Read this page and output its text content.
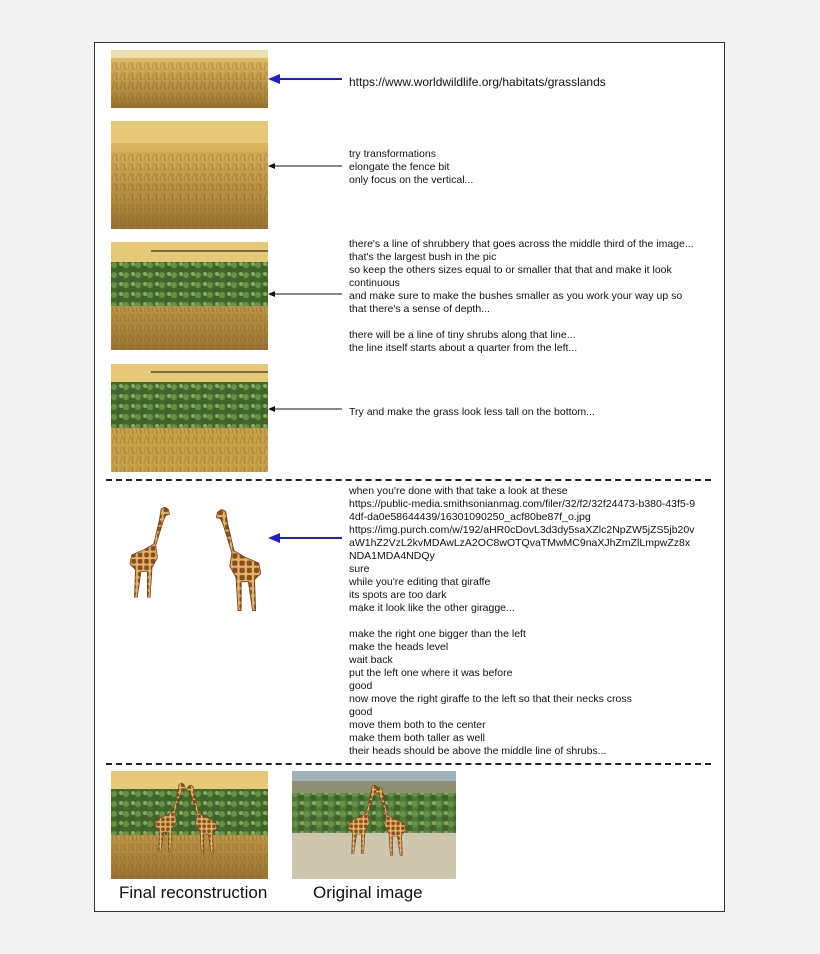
https://www.worldwildlife.org/habitats/grasslands
try transformations
elongate the fence bit
only focus on the vertical...
there's a line of shrubbery that goes across the middle third of the image...
that's the largest bush in the pic
so keep the others sizes equal to or smaller that that and make it look
continuous
and make sure to make the bushes smaller as you work your way up so
that there's a sense of depth...

there will be a line of tiny shrubs along that line...
the line itself starts about a quarter from the left...
Try and make the grass look less tall on the bottom...
when you're done with that take a look at these
https://public-media.smithsonianmag.com/filer/32/f2/32f24473-b380-43f5-9
4df-da0e58644439/16301090250_acf80be87f_o.jpg
https://img.purch.com/w/192/aHR0cDovL3d3dy5saXZlc2NpZW5jZS5jb20v
aW1hZ2VzL2kvMDAwLzA2OC8wOTQvaTMwMC9naXJhZmZlLmpwZz8x
NDA1MDA4NDQy
sure
while you're editing that giraffe
its spots are too dark
make it look like the other giragge...

make the right one bigger than the left
make the heads level
wait back
put the left one where it was before
good
now move the right giraffe to the left so that their necks cross
good
move them both to the center
make them both taller as well
their heads should be above the middle line of shrubs...
Final reconstruction	Original image
